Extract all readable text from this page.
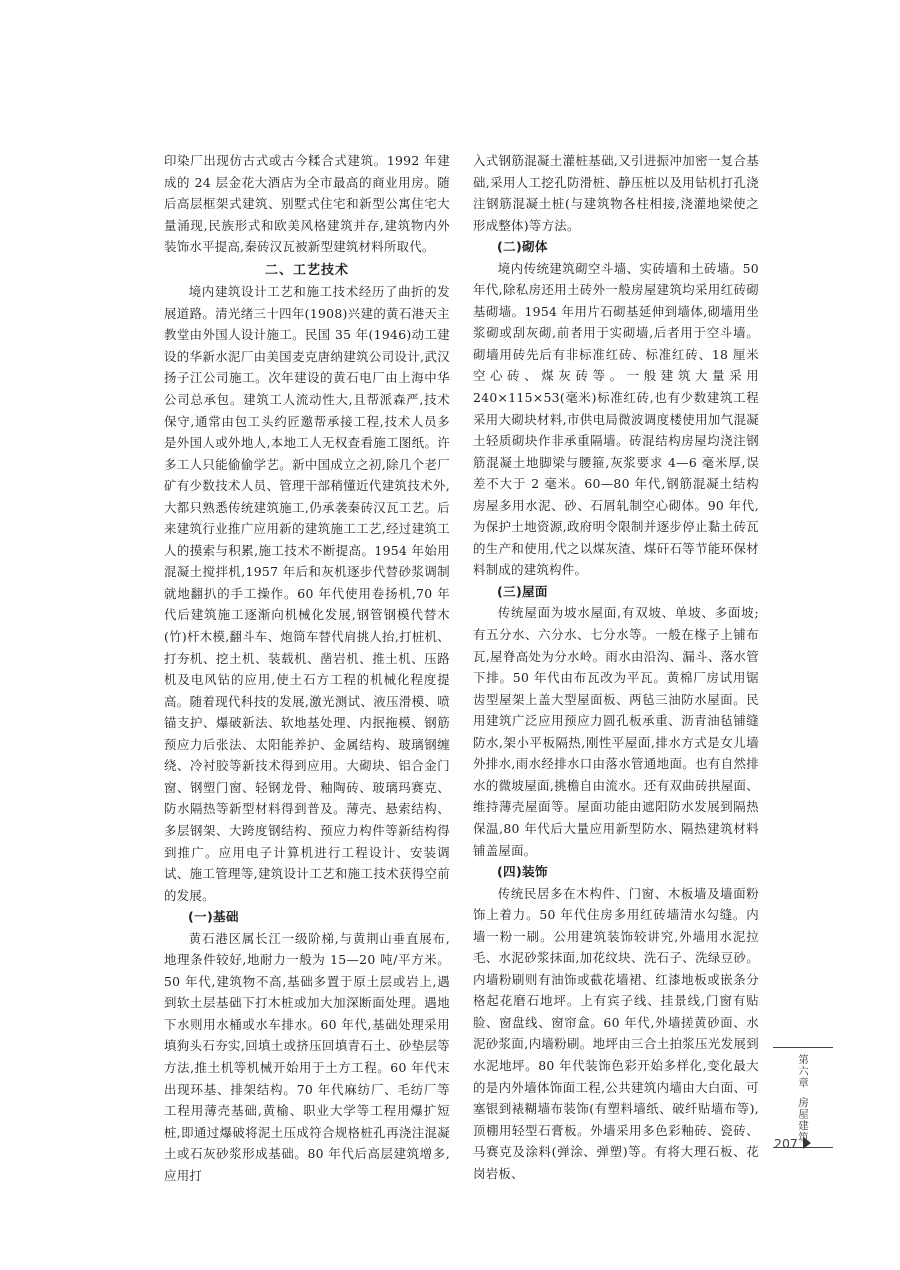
印染厂出现仿古式或古今糅合式建筑。1992 年建成的 24 层金花大酒店为全市最高的商业用房。随后高层框架式建筑、别墅式住宅和新型公寓住宅大量涌现,民族形式和欧美风格建筑并存,建筑物内外装饰水平提高,秦砖汉瓦被新型建筑材料所取代。

二、工艺技术

境内建筑设计工艺和施工技术经历了曲折的发展道路。清光绪三十四年(1908)兴建的黄石港天主教堂由外国人设计施工。民国 35 年(1946)动工建设的华新水泥厂由美国麦克唐纳建筑公司设计,武汉扬子江公司施工。次年建设的黄石电厂由上海中华公司总承包。建筑工人流动性大,且帮派森严,技术保守,通常由包工头约匠邀帮承接工程,技术人员多是外国人或外地人,本地工人无权查看施工图纸。许多工人只能偷偷学艺。新中国成立之初,除几个老厂矿有少数技术人员、管理干部稍懂近代建筑技术外,大都只熟悉传统建筑施工,仍承袭秦砖汉瓦工艺。后来建筑行业推广应用新的建筑施工工艺,经过建筑工人的摸索与积累,施工技术不断提高。1954 年始用混凝土搅拌机,1957 年后和灰机逐步代替砂浆调制就地翻扒的手工操作。60 年代使用卷扬机,70 年代后建筑施工逐渐向机械化发展,钢管钢模代替木(竹)杆木模,翻斗车、炮筒车替代肩挑人抬,打桩机、打夯机、挖土机、装载机、凿岩机、推土机、压路机及电风钻的应用,使土石方工程的机械化程度提高。随着现代科技的发展,激光测试、液压滑模、喷锚支护、爆破新法、软地基处理、内抿拖模、钢筋预应力后张法、太阳能养护、金属结构、玻璃钢缠绕、冷衬胶等新技术得到应用。大砌块、铝合金门窗、钢塑门窗、轻钢龙骨、釉陶砖、玻璃玛赛克、防水隔热等新型材料得到普及。薄壳、悬索结构、多层钢架、大跨度钢结构、预应力构件等新结构得到推广。应用电子计算机进行工程设计、安装调试、施工管理等,建筑设计工艺和施工技术获得空前的发展。

(一)基础

黄石港区属长江一级阶梯,与黄荆山垂直展布,地理条件较好,地耐力一般为 15—20 吨/平方米。50 年代,建筑物不高,基础多置于原土层或岩上,遇到软土层基础下打木桩或加大加深断面处理。遇地下水则用水桶或水车排水。60 年代,基础处理采用填狗头石夯实,回填土或挤压回填青石土、砂垫层等方法,推土机等机械开始用于土方工程。60 年代末出现环基、排架结构。70 年代麻纺厂、毛纺厂等工程用薄壳基础,黄榆、职业大学等工程用爆扩短桩,即通过爆破将泥土压成符合规格桩孔再浇注混凝土或石灰砂浆形成基础。80 年代后高层建筑增多,应用打

入式钢筋混凝土灌桩基础,又引进振冲加密一复合基础,采用人工挖孔防滑桩、静压桩以及用钻机打孔浇注钢筋混凝土桩(与建筑物各柱相接,浇灌地梁使之形成整体)等方法。

(二)砌体

境内传统建筑砌空斗墙、实砖墙和土砖墙。50 年代,除私房还用土砖外一般房屋建筑均采用红砖砌基砌墙。1954 年用片石砌基延伸到墙体,砌墙用坐浆砌或刮灰砌,前者用于实砌墙,后者用于空斗墙。砌墙用砖先后有非标准红砖、标准红砖、18 厘米空心砖、煤灰砖等。一般建筑大量采用 240×115×53(毫米)标准红砖,也有少数建筑工程采用大砌块材料,市供电局微波调度楼使用加气混凝土轻质砌块作非承重隔墙。砖混结构房屋均浇注钢筋混凝土地脚梁与腰箍,灰浆要求 4—6 毫米厚,误差不大于 2 毫米。60—80 年代,钢筋混凝土结构房屋多用水泥、砂、石屑轧制空心砌体。90 年代,为保护土地资源,政府明令限制并逐步停止黏土砖瓦的生产和使用,代之以煤灰渣、煤矸石等节能环保材料制成的建筑构件。

(三)屋面

传统屋面为坡水屋面,有双坡、单坡、多面坡;有五分水、六分水、七分水等。一般在椽子上铺布瓦,屋脊高处为分水岭。雨水由沿沟、漏斗、落水管下排。50 年代由布瓦改为平瓦。黄棉厂房试用锯齿型屋架上盖大型屋面板、两毡三油防水屋面。民用建筑广泛应用预应力圆孔板承重、沥青油毡铺缝防水,架小平板隔热,刚性平屋面,排水方式是女儿墙外排水,雨水经排水口由落水管通地面。也有自然排水的微坡屋面,挑檐自由流水。还有双曲砖拱屋面、维持薄壳屋面等。屋面功能由遮阳防水发展到隔热保温,80 年代后大量应用新型防水、隔热建筑材料铺盖屋面。

(四)装饰

传统民居多在木构件、门窗、木板墙及墙面粉饰上着力。50 年代住房多用红砖墙清水勾缝。内墙一粉一刷。公用建筑装饰较讲究,外墙用水泥拉毛、水泥砂浆抹面,加花纹块、洗石子、洗绿豆砂。内墙粉刷则有油饰或截花墙裙、红漆地板或嵌条分格起花磨石地坪。上有宾子线、挂景线,门窗有贴脸、窗盘线、窗帘盒。60 年代,外墙搓黄砂面、水泥砂浆面,内墙粉刷。地坪由三合土拍浆压光发展到水泥地坪。80 年代装饰色彩开始多样化,变化最大的是内外墙体饰面工程,公共建筑内墙由大白面、可塞银到裱糊墙布装饰(有塑料墙纸、破纤贴墙布等),顶棚用轻型石膏板。外墙采用多色彩釉砖、瓷砖、马赛克及涂料(弹涂、弹塑)等。有将大理石板、花岗岩板、

第六章
房屋建筑
207
